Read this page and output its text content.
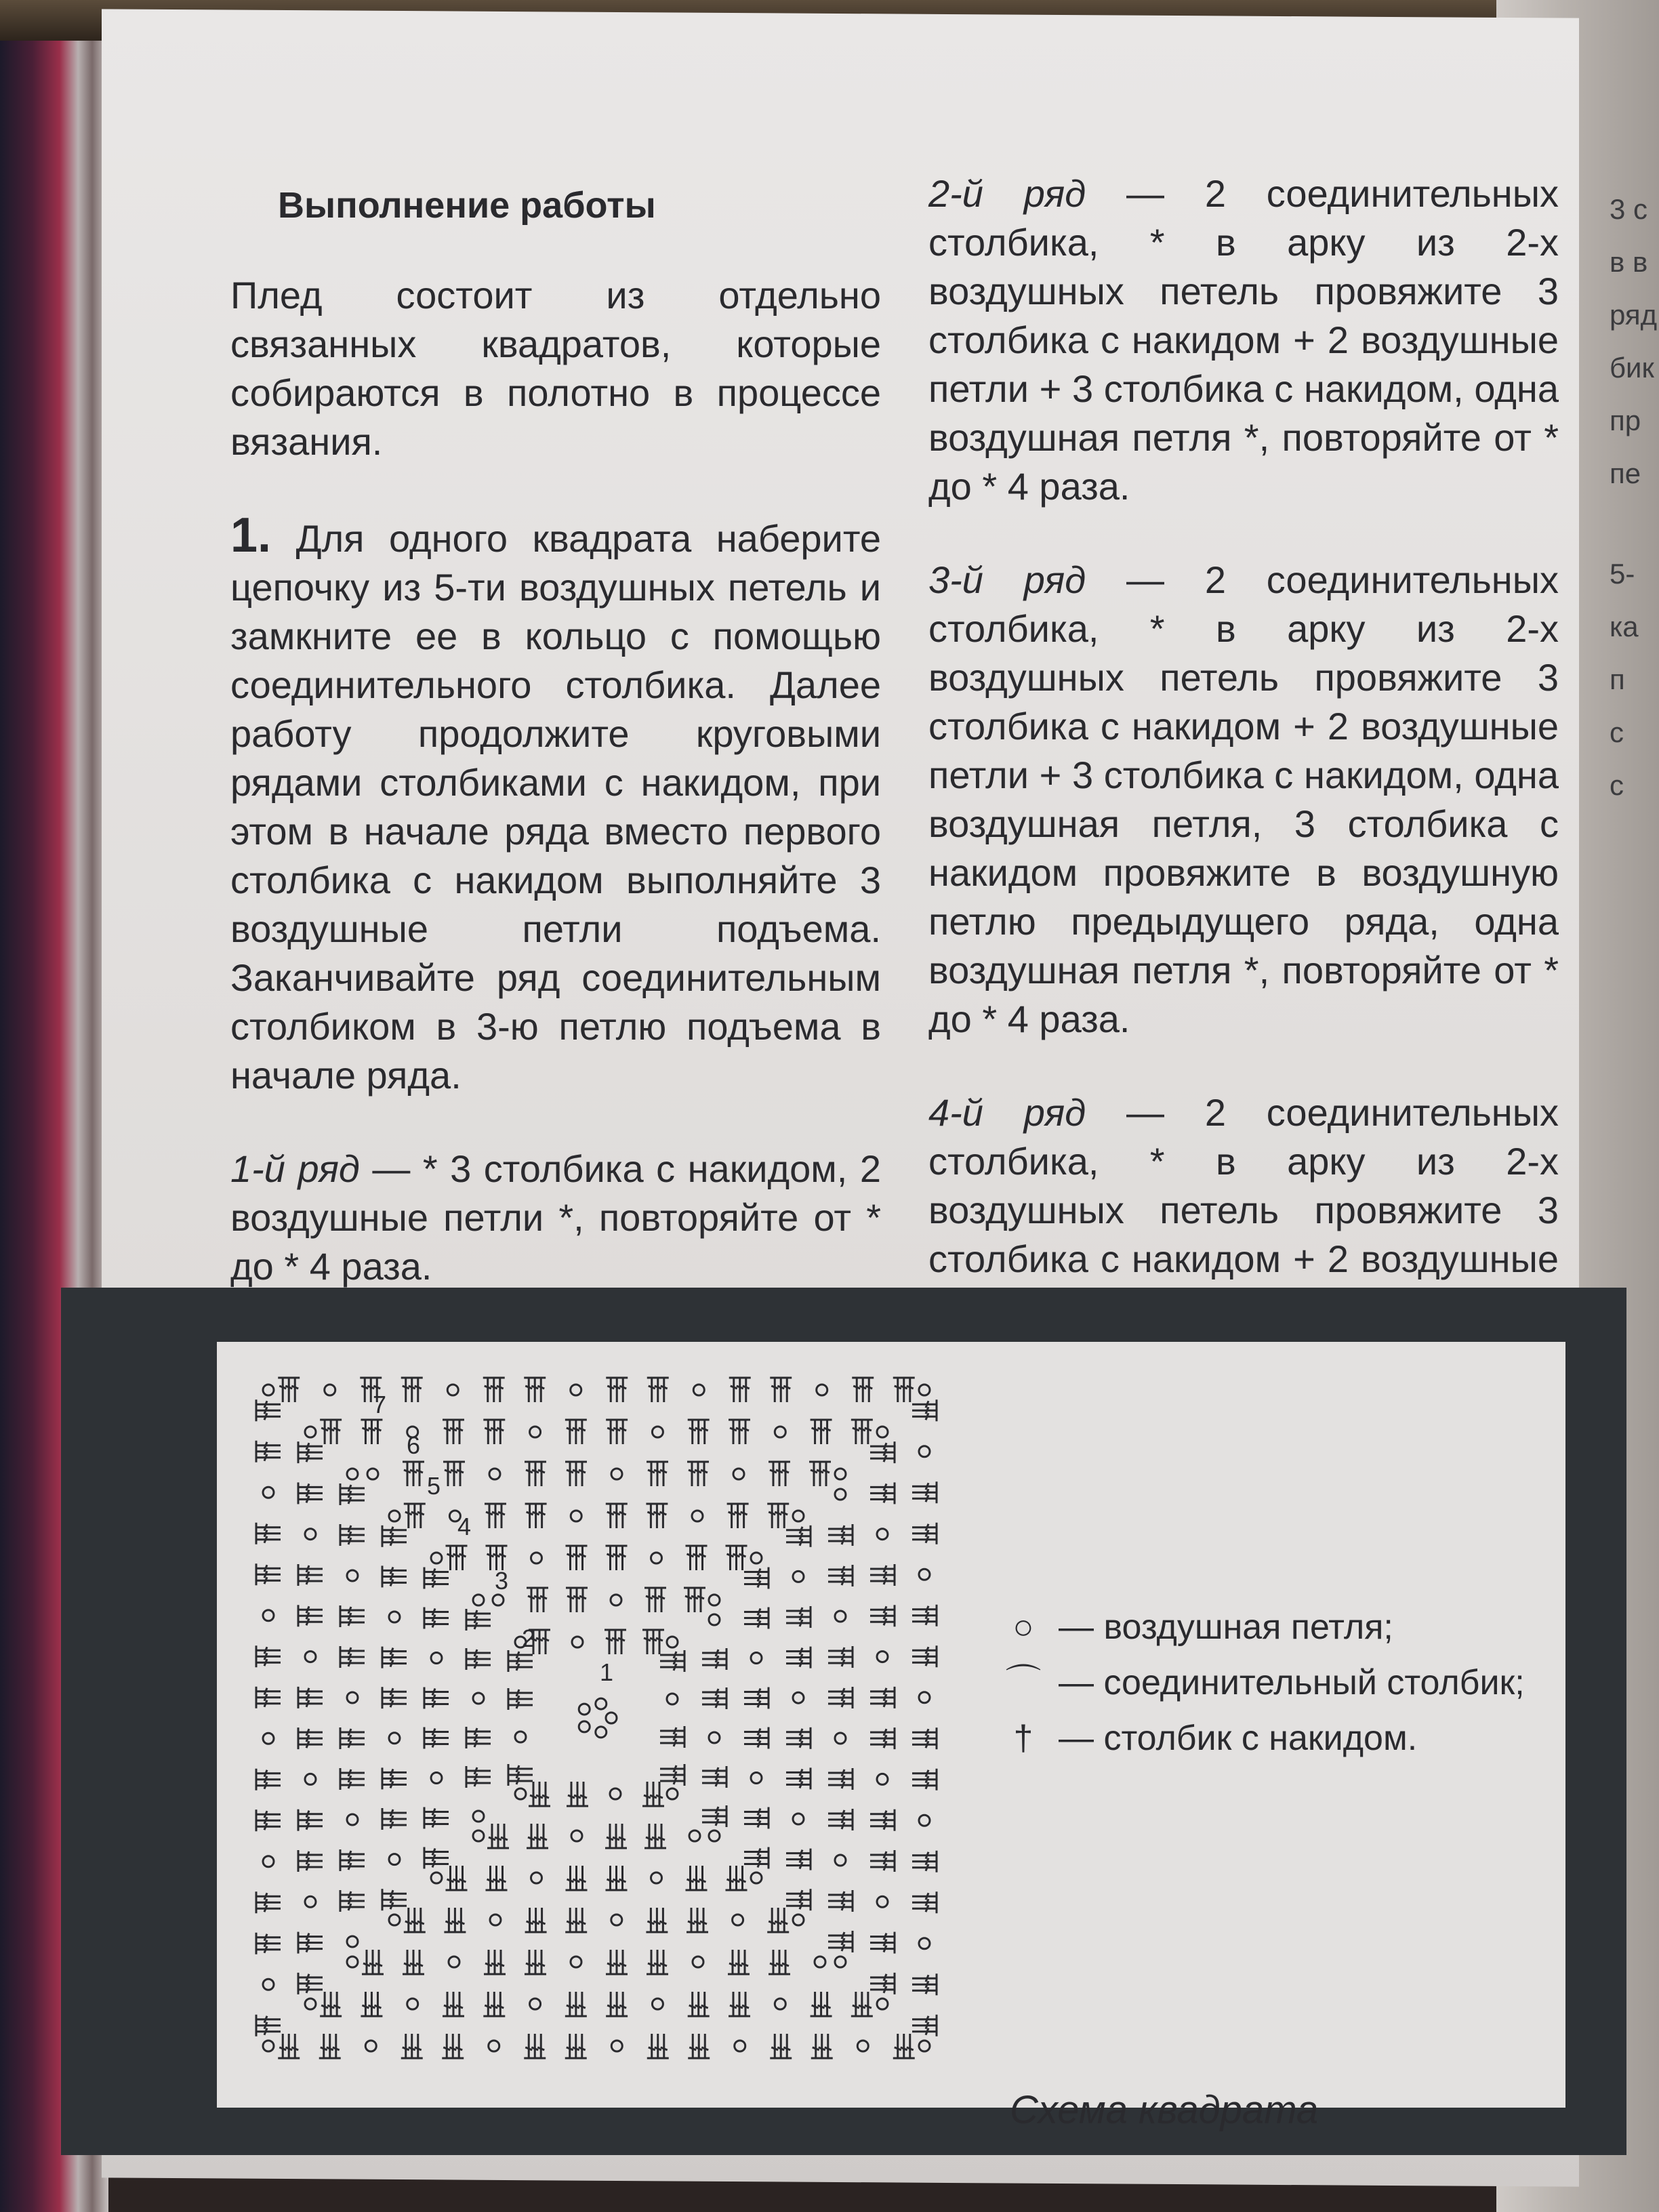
Выполнение работы

Плед состоит из отдельно связанных квадратов, которые собираются в полотно в процессе вязания.

1. Для одного квадрата наберите цепочку из 5-ти воздушных петель и замкните ее в кольцо с помощью соединительного столбика. Далее работу продолжите круговыми рядами столбиками с накидом, при этом в начале ряда вместо первого столбика с накидом выполняйте 3 воздушные петли подъема. Заканчивайте ряд соединительным столбиком в 3-ю петлю подъема в начале ряда.

1-й ряд — * 3 столбика с накидом, 2 воздушные петли *, повторяйте от * до * 4 раза.

2-й ряд — 2 соединительных столбика, * в арку из 2-х воздушных петель провяжите 3 столбика с накидом + 2 воздушные петли + 3 столбика с накидом, одна воздушная петля *, повторяйте от * до * 4 раза.

3-й ряд — 2 соединительных столбика, * в арку из 2-х воздушных петель провяжите 3 столбика с накидом + 2 воздушные петли + 3 столбика с накидом, одна воздушная петля, 3 столбика с накидом провяжите в воздушную петлю предыдущего ряда, одна воздушная петля *, повторяйте от * до * 4 раза.

4-й ряд — 2 соединительных столбика, * в арку из 2-х воздушных петель провяжите 3 столбика с накидом + 2 воздушные

3 с
в в
ряд
бик
пр
пе
5-
ка
п
с
с
1
2
3
4
5
6
7
○ — воздушная петля;
⌒ — соединительный столбик;
† — столбик с накидом.
Схема квадрата
